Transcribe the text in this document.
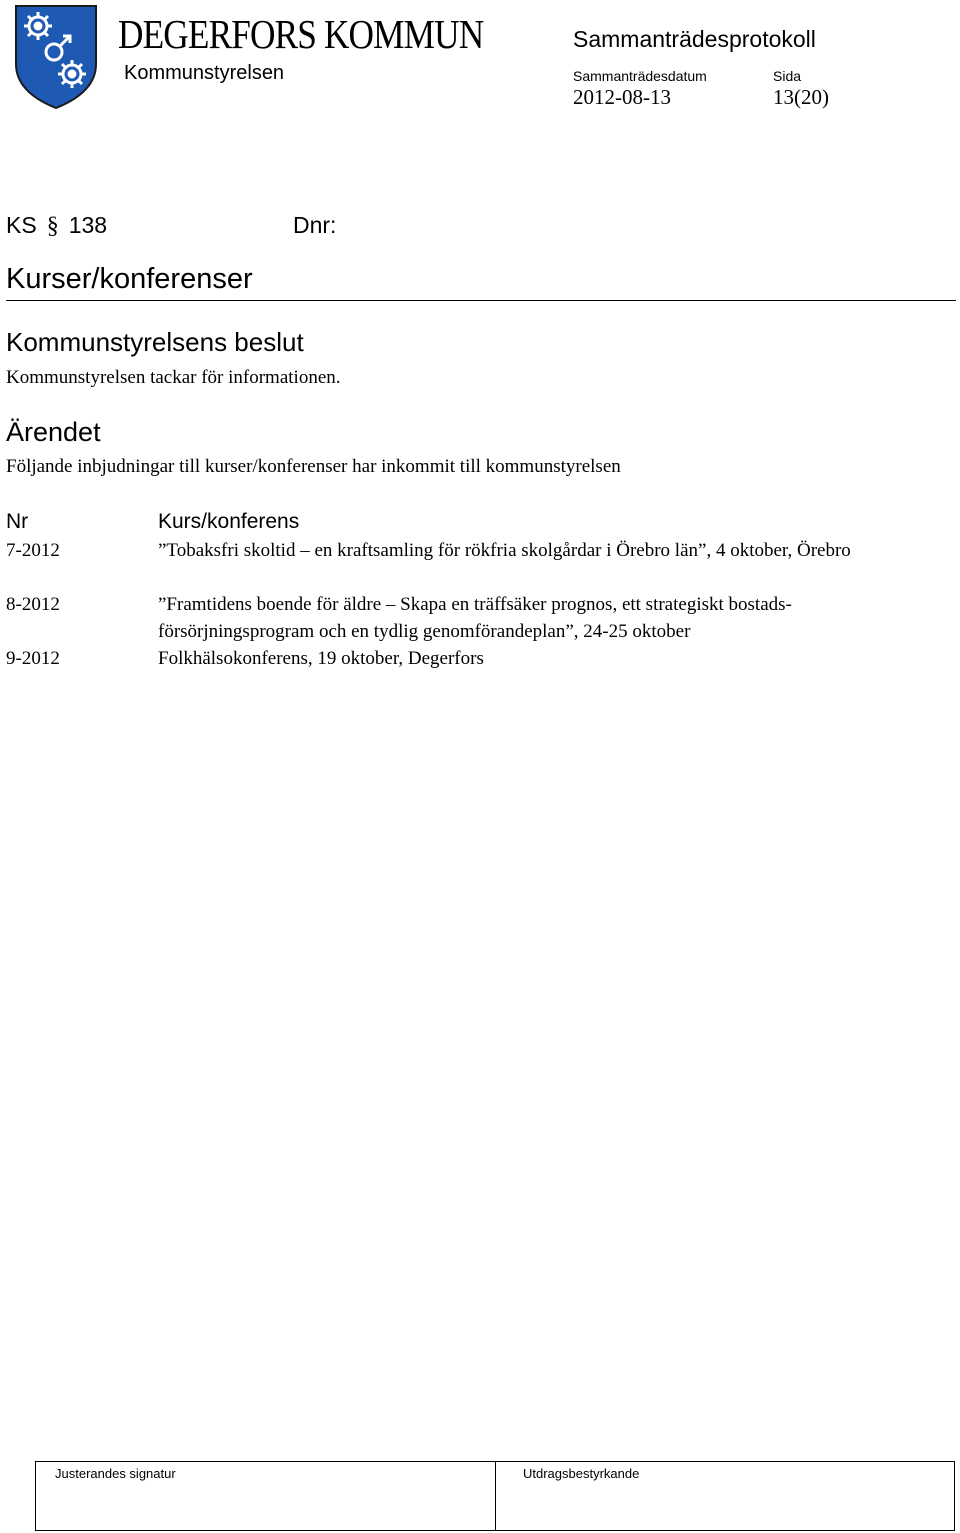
DEGERFORS KOMMUN
Kommunstyrelsen
Sammanträdesprotokoll
Sammanträdesdatum	Sida
2012-08-13	13(20)
KS § 138	Dnr:
Kurser/konferenser
Kommunstyrelsens beslut
Kommunstyrelsen tackar för informationen.
Ärendet
Följande inbjudningar till kurser/konferenser har inkommit till kommunstyrelsen
Nr	Kurs/konferens
7-2012	”Tobaksfri skoltid – en kraftsamling för rökfria skolgårdar i Örebro län”, 4 oktober, Örebro
8-2012	”Framtidens boende för äldre – Skapa en träffsäker prognos, ett strategiskt bostads-försörjningsprogram och en tydlig genomförandeplan”, 24-25 oktober
9-2012	Folkhälsokonferens, 19 oktober, Degerfors
Justerandes signatur	Utdragsbestyrkande
